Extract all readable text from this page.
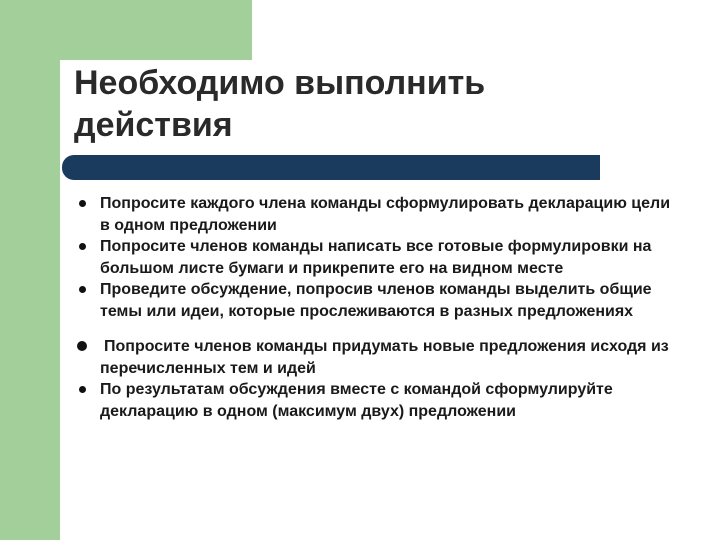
Необходимо выполнить действия
Попросите каждого члена команды сформулировать декларацию цели в одном предложении
Попросите членов команды написать все готовые формулировки на большом листе бумаги и прикрепите его на видном месте
Проведите обсуждение, попросив членов команды выделить общие темы или идеи, которые прослеживаются в разных предложениях
Попросите членов команды придумать новые предложения исходя из перечисленных тем и идей
По результатам обсуждения вместе с командой сформулируйте декларацию в одном (максимум двух) предложении
